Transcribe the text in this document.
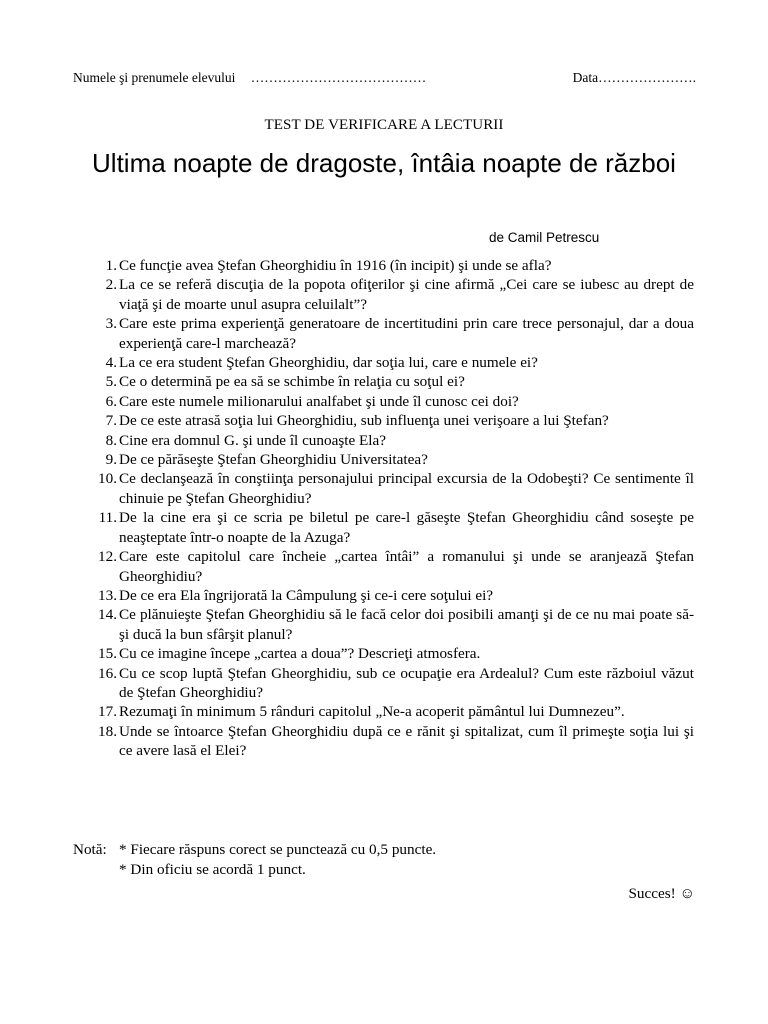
Numele şi prenumele elevului …………………………………	Data………………….
TEST DE VERIFICARE A LECTURII
Ultima noapte de dragoste, întâia noapte de război
de Camil Petrescu
1. Ce funcţie avea Ştefan Gheorghidiu în 1916 (în incipit) şi unde se afla?
2. La ce se referă discuţia de la popota ofiţerilor şi cine afirmă „Cei care se iubesc au drept de viaţă şi de moarte unul asupra celuilalt”?
3. Care este prima experienţă generatoare de incertitudini prin care trece personajul, dar a doua experienţă care-l marchează?
4. La ce era student Ştefan Gheorghidiu, dar soţia lui, care e numele ei?
5. Ce o determină pe ea să se schimbe în relaţia cu soţul ei?
6. Care este numele milionarului analfabet şi unde îl cunosc cei doi?
7. De ce este atrasă soţia lui Gheorghidiu, sub influenţa unei verişoare a lui Ştefan?
8. Cine era domnul G. şi unde îl cunoaşte Ela?
9. De ce părăseşte Ştefan Gheorghidiu Universitatea?
10. Ce declanşează în conştiinţa personajului principal excursia de la Odobeşti? Ce sentimente îl chinuie pe Ştefan Gheorghidiu?
11. De la cine era şi ce scria pe biletul pe care-l găseşte Ştefan Gheorghidiu când soseşte pe neaşteptate într-o noapte de la Azuga?
12. Care este capitolul care încheie „cartea întâi” a romanului şi unde se aranjează Ştefan Gheorghidiu?
13. De ce era Ela îngrijorată la Câmpulung şi ce-i cere soţului ei?
14. Ce plănuieşte Ştefan Gheorghidiu să le facă celor doi posibili amanţi şi de ce nu mai poate să-şi ducă la bun sfârşit planul?
15. Cu ce imagine începe „cartea a doua”? Descrieţi atmosfera.
16. Cu ce scop luptă Ştefan Gheorghidiu, sub ce ocupaţie era Ardealul? Cum este războiul văzut de Ştefan Gheorghidiu?
17. Rezumaţi în minimum 5 rânduri capitolul „Ne-a acoperit pământul lui Dumnezeu”.
18. Unde se întoarce Ştefan Gheorghidiu după ce e rănit şi spitalizat, cum îl primeşte soţia lui şi ce avere lasă el Elei?
Notă: * Fiecare răspuns corect se punctează cu 0,5 puncte.
* Din oficiu se acordă 1 punct.
Succes! ☺
